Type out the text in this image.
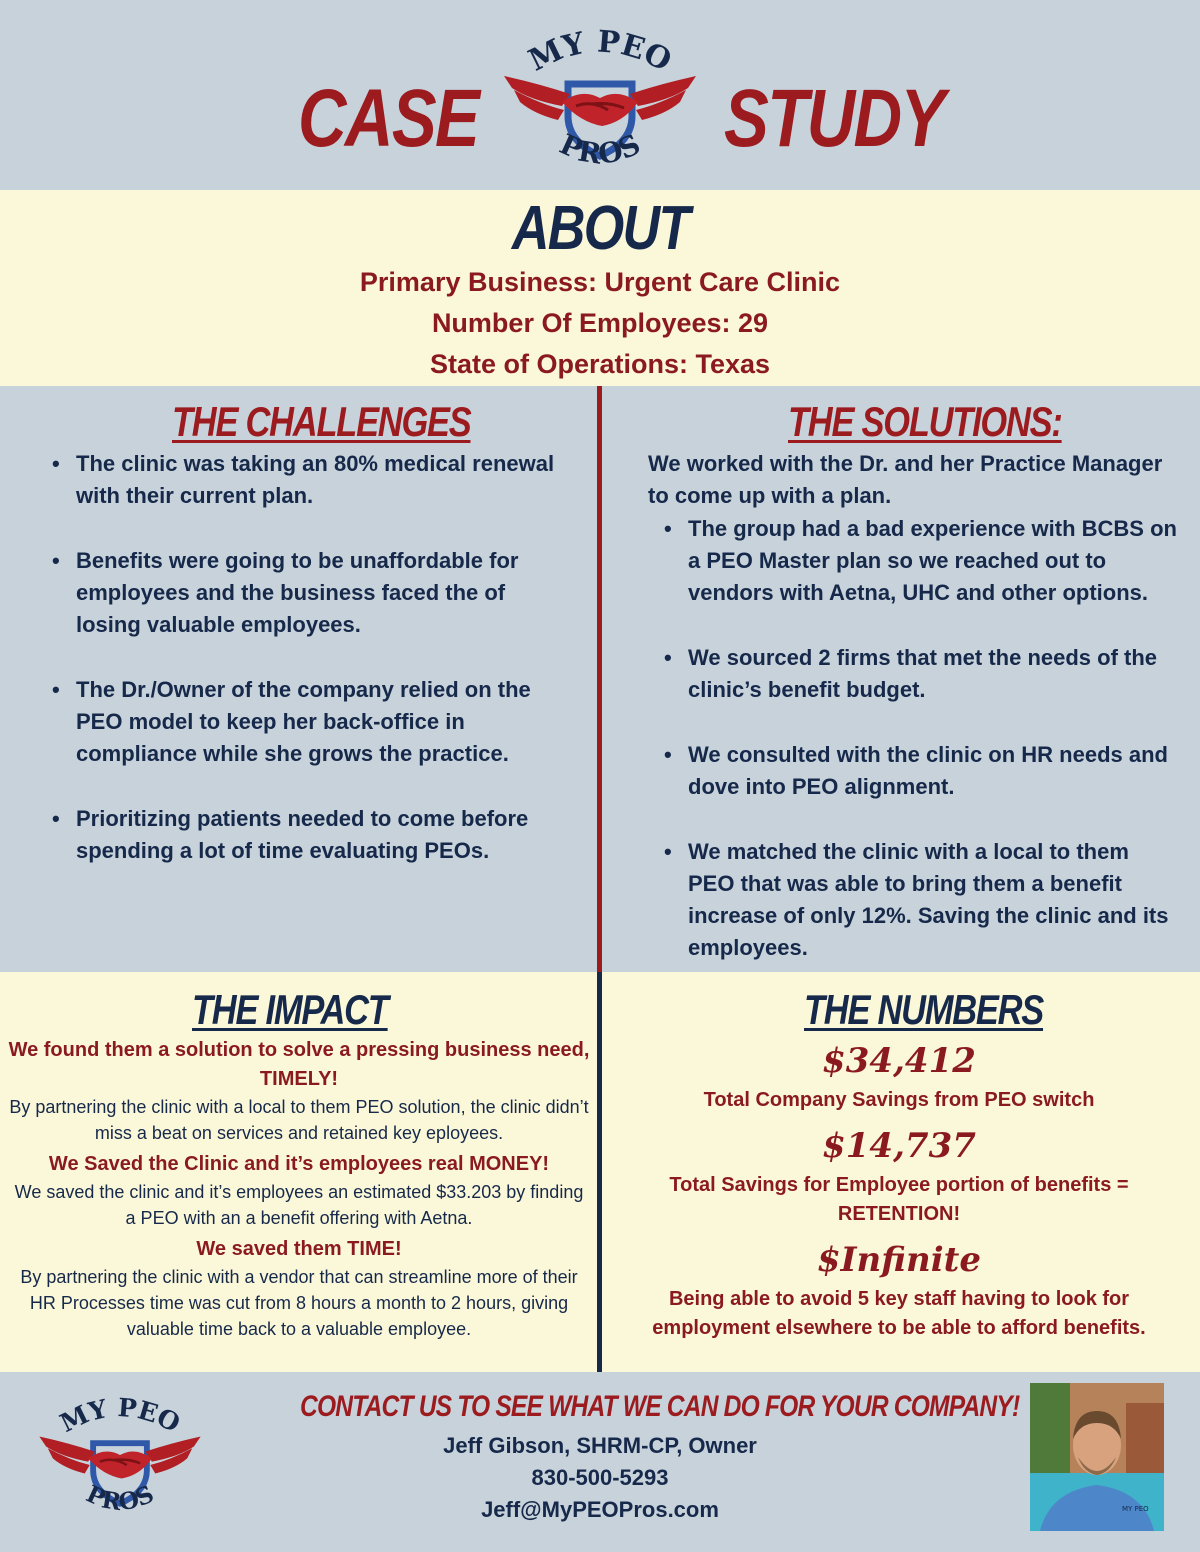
CASE	STUDY
MY PEO
PROS
ABOUT
Primary Business: Urgent Care Clinic
Number Of Employees: 29
State of Operations: Texas
THE CHALLENGES
• The clinic was taking an 80% medical renewal with their current plan.
• Benefits were going to be unaffordable for employees and the business faced the of losing valuable employees.
• The Dr./Owner of the company relied on the PEO model to keep her back-office in compliance while she grows the practice.
• Prioritizing patients needed to come before spending a lot of time evaluating PEOs.
THE SOLUTIONS:
We worked with the Dr. and her Practice Manager to come up with a plan.
• The group had a bad experience with BCBS on a PEO Master plan so we reached out to vendors with Aetna, UHC and other options.
• We sourced 2 firms that met the needs of the clinic’s benefit budget.
• We consulted with the clinic on HR needs and dove into PEO alignment.
• We matched the clinic with a local to them PEO that was able to bring them a benefit increase of only 12%. Saving the clinic and its employees.
THE IMPACT
We found them a solution to solve a pressing business need, TIMELY!
By partnering the clinic with a local to them PEO solution, the clinic didn’t miss a beat on services and retained key eployees.
We Saved the Clinic and it’s employees real MONEY!
We saved the clinic and it’s employees an estimated $33.203 by finding a PEO with an a benefit offering with Aetna.
We saved them TIME!
By partnering the clinic with a vendor that can streamline more of their HR Processes time was cut from 8 hours a month to 2 hours, giving valuable time back to a valuable employee.
THE NUMBERS
$34,412
Total Company Savings from PEO switch
$14,737
Total Savings for Employee portion of benefits = RETENTION!
$Infinite
Being able to avoid 5 key staff having to look for employment elsewhere to be able to afford benefits.
MY PEO
PROS
CONTACT US TO SEE WHAT WE CAN DO FOR YOUR COMPANY!
Jeff Gibson, SHRM-CP, Owner
830-500-5293
Jeff@MyPEOPros.com	MY PEO
